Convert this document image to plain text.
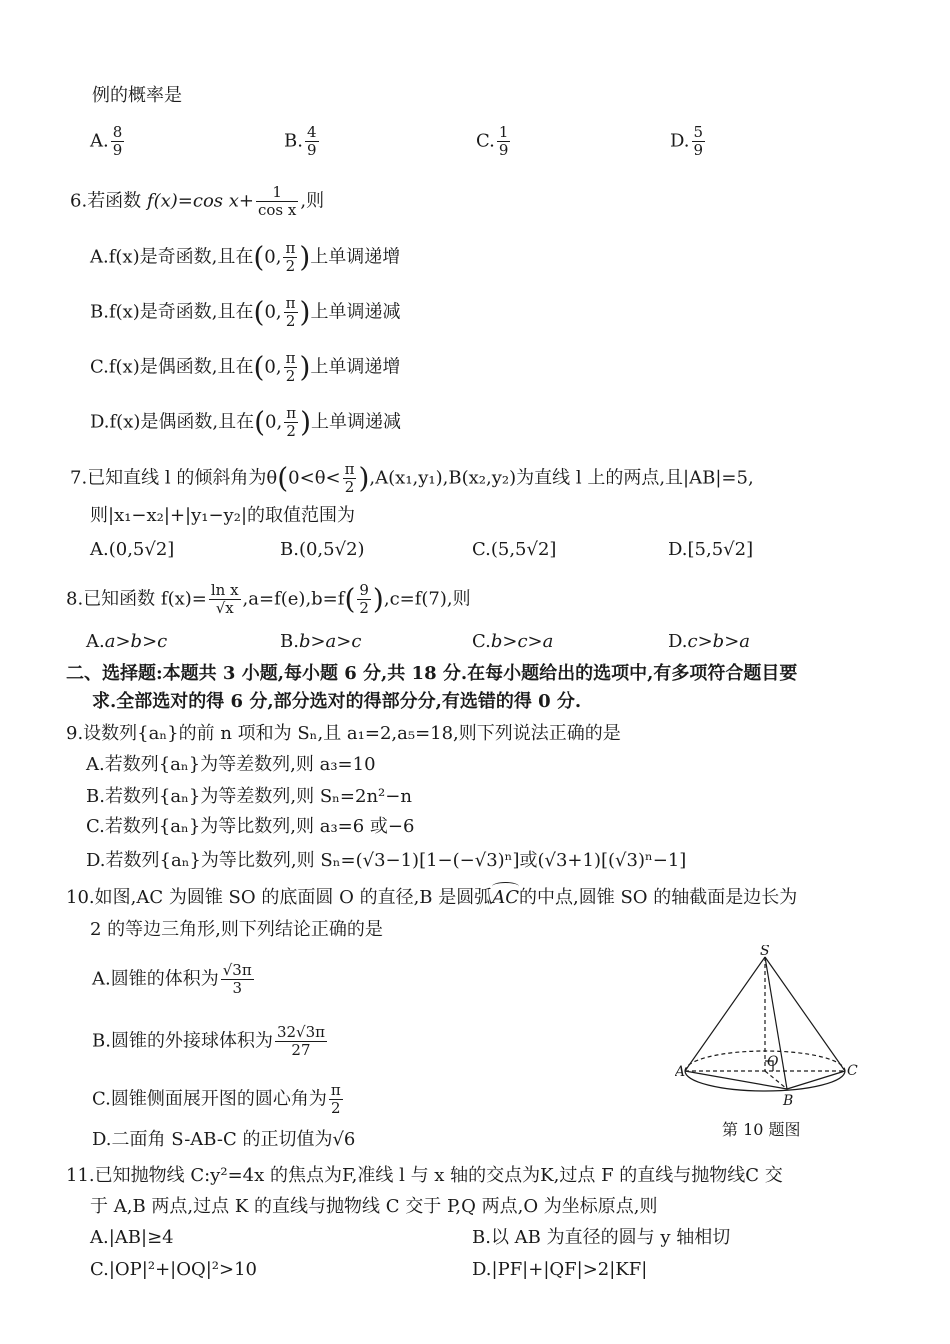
例的概率是
A. $\frac{8}{9}$	B. $\frac{4}{9}$	C. $\frac{1}{9}$	D. $\frac{5}{9}$
6.若函数 f(x)=cos $x+ \frac{1}{\text{cos x}}$ ,则
A.f(x)是奇函数,且在(0, $\frac{\pi}{2}$ )上单调递增
B.f(x)是奇函数,且在(0, $\frac{\pi}{2}$ )上单调递减
C.f(x)是偶函数,且在(0, $\frac{\pi}{2}$ )上单调递增
D.f(x)是偶函数,且在(0, $\frac{\pi}{2}$ )上单调递减
7.已知直线 l 的倾斜角为$\theta(0<\theta< \frac{\pi}{2} ),A(x_1,y_1),B(x_2,y_2)$为直线 l 上的两点,且|AB|=5,
则|x₁−x₂|+|y₁−y₂|的取值范围为
A.(0,5√2]	B.(0,5√2)	C.(5,5√2]	D.[5,5√2]
8.已知函数 $f(x)= \frac{\text{ln x}}{√x} ,a=f(e),b=f( \frac{9}{2} ),c=f(7)$,则
A.a>b>c	B.b>a>c	C.b>c>a	D.c>b>a
二、选择题:本题共 3 小题,每小题 6 分,共 18 分.在每小题给出的选项中,有多项符合题目要
求.全部选对的得 6 分,部分选对的得部分分,有选错的得 0 分.
9.设数列{aₙ}的前 n 项和为 Sₙ,且 a₁=2,a₅=18,则下列说法正确的是
A.若数列{aₙ}为等差数列,则 a₃=10
B.若数列{aₙ}为等差数列,则 Sₙ=2n²−n
C.若数列{aₙ}为等比数列,则 a₃=6 或−6
D.若数列{aₙ}为等比数列,则 Sₙ=(√3−1)[1−(−√3)ⁿ]或(√3+1)[(√3)ⁿ−1]
10.如图,AC 为圆锥 SO 的底面圆 O 的直径,B 是圆弧AC的中点,圆锥 SO 的轴截面是边长为
2 的等边三角形,则下列结论正确的是
A.圆锥的体积为 $\frac{√3\pi}{3}$
B.圆锥的外接球体积为 $\frac{32√3\pi}{27}$
C.圆锥侧面展开图的圆心角为 $\frac{\pi}{2}$
D.二面角 S-AB-C 的正切值为√6
S
A
O
C
B
第 10 题图
11.已知抛物线 C:y²=4x 的焦点为F,准线 l 与 x 轴的交点为K,过点 F 的直线与抛物线C 交
于 A,B 两点,过点 K 的直线与抛物线 C 交于 P,Q 两点,O 为坐标原点,则
A.|AB|≥4	B.以 AB 为直径的圆与 y 轴相切
C.|OP|²+|OQ|²>10	D.|PF|+|QF|>2|KF|
